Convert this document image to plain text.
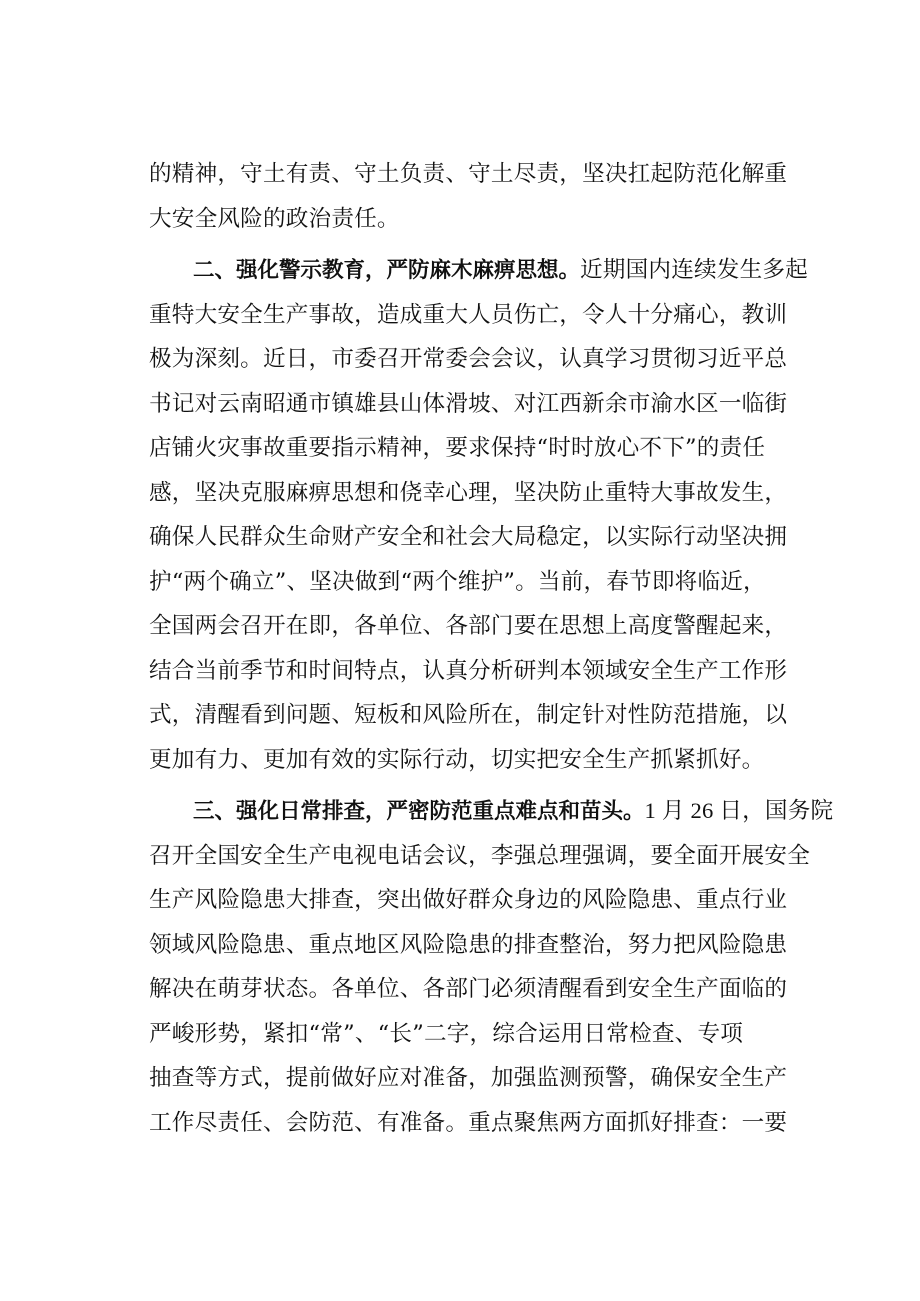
的精神，守土有责、守土负责、守土尽责，坚决扛起防范化解重
大安全风险的政治责任。
二、强化警示教育，严防麻木麻痹思想。近期国内连续发生多起
重特大安全生产事故，造成重大人员伤亡，令人十分痛心，教训
极为深刻。近日，市委召开常委会会议，认真学习贯彻习近平总
书记对云南昭通市镇雄县山体滑坡、对江西新余市渝水区一临街
店铺火灾事故重要指示精神，要求保持“时时放心不下”的责任
感，坚决克服麻痹思想和侥幸心理，坚决防止重特大事故发生，
确保人民群众生命财产安全和社会大局稳定，以实际行动坚决拥
护“两个确立”、坚决做到“两个维护”。当前，春节即将临近，
全国两会召开在即，各单位、各部门要在思想上高度警醒起来，
结合当前季节和时间特点，认真分析研判本领域安全生产工作形
式，清醒看到问题、短板和风险所在，制定针对性防范措施，以
更加有力、更加有效的实际行动，切实把安全生产抓紧抓好。
三、强化日常排查，严密防范重点难点和苗头。1 月 26 日，国务院
召开全国安全生产电视电话会议，李强总理强调，要全面开展安全
生产风险隐患大排查，突出做好群众身边的风险隐患、重点行业
领域风险隐患、重点地区风险隐患的排查整治，努力把风险隐患
解决在萌芽状态。各单位、各部门必须清醒看到安全生产面临的
严峻形势，紧扣“常”、“长”二字，综合运用日常检查、专项
抽查等方式，提前做好应对准备，加强监测预警，确保安全生产
工作尽责任、会防范、有准备。重点聚焦两方面抓好排查：一要
